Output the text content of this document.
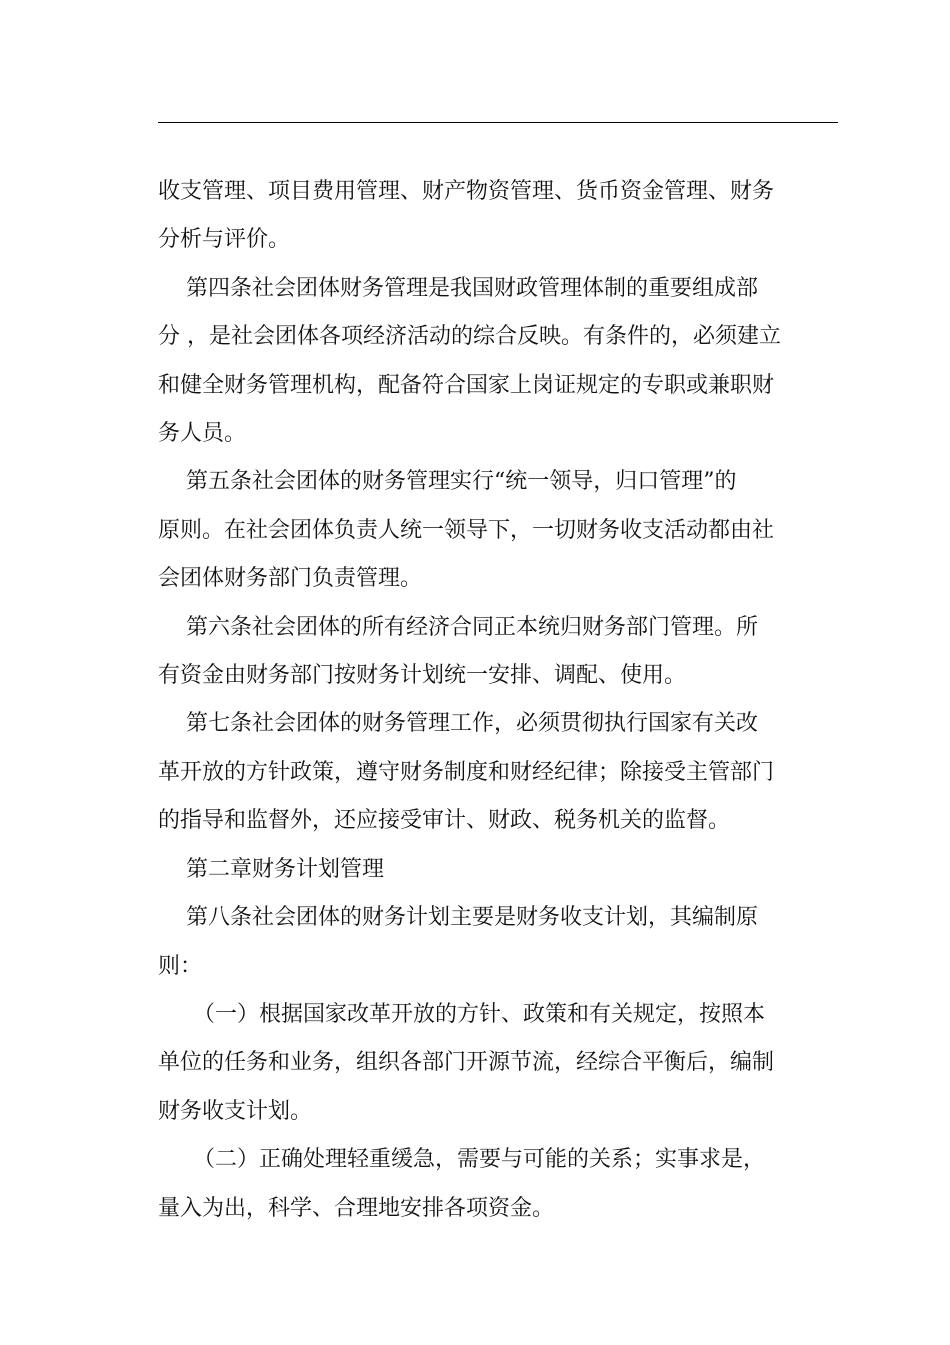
收支管理、项目费用管理、财产物资管理、货币资金管理、财务

分析与评价。

第四条社会团体财务管理是我国财政管理体制的重要组成部

分 ，是社会团体各项经济活动的综合反映。有条件的，必须建立

和健全财务管理机构，配备符合国家上岗证规定的专职或兼职财

务人员。

第五条社会团体的财务管理实行“统一领导，归口管理”的

原则。在社会团体负责人统一领导下，一切财务收支活动都由社

会团体财务部门负责管理。

第六条社会团体的所有经济合同正本统归财务部门管理。所

有资金由财务部门按财务计划统一安排、调配、使用。

第七条社会团体的财务管理工作，必须贯彻执行国家有关改

革开放的方针政策，遵守财务制度和财经纪律；除接受主管部门

的指导和监督外，还应接受审计、财政、税务机关的监督。

第二章财务计划管理

第八条社会团体的财务计划主要是财务收支计划，其编制原

则：

（一）根据国家改革开放的方针、政策和有关规定，按照本

单位的任务和业务，组织各部门开源节流，经综合平衡后，编制

财务收支计划。

（二）正确处理轻重缓急，需要与可能的关系；实事求是，

量入为出，科学、合理地安排各项资金。
